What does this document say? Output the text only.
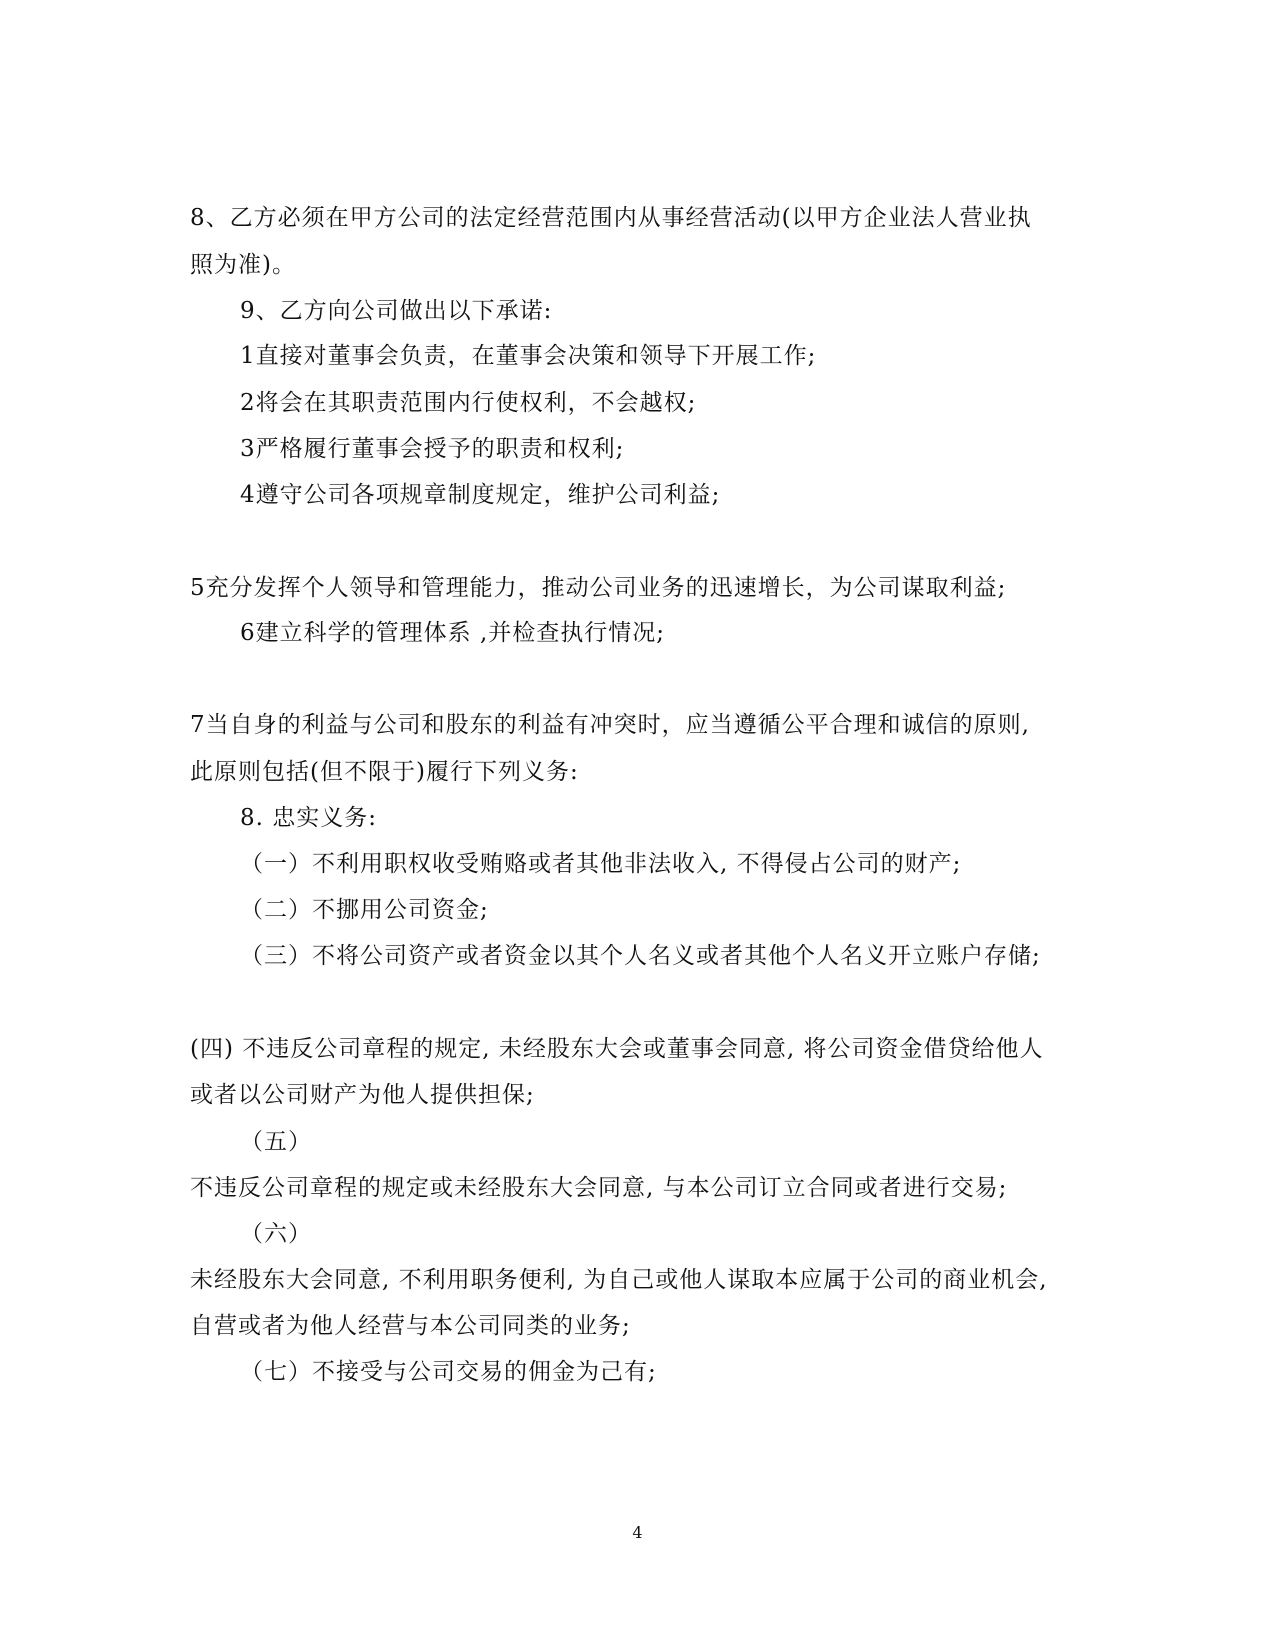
8、乙方必须在甲方公司的法定经营范围内从事经营活动(以甲方企业法人营业执
照为准)。
9、乙方向公司做出以下承诺:
1直接对董事会负责，在董事会决策和领导下开展工作;
2将会在其职责范围内行使权利，不会越权;
3严格履行董事会授予的职责和权利;
4遵守公司各项规章制度规定，维护公司利益;
5充分发挥个人领导和管理能力，推动公司业务的迅速增长，为公司谋取利益;
6建立科学的管理体系 ,并检查执行情况;
7当自身的利益与公司和股东的利益有冲突时，应当遵循公平合理和诚信的原则,
此原则包括(但不限于)履行下列义务:
8. 忠实义务:
（一）不利用职权收受贿赂或者其他非法收入, 不得侵占公司的财产;
（二）不挪用公司资金;
（三）不将公司资产或者资金以其个人名义或者其他个人名义开立账户存储;
(四) 不违反公司章程的规定, 未经股东大会或董事会同意, 将公司资金借贷给他人
或者以公司财产为他人提供担保;
（五）
不违反公司章程的规定或未经股东大会同意, 与本公司订立合同或者进行交易;
（六）
未经股东大会同意, 不利用职务便利, 为自己或他人谋取本应属于公司的商业机会,
自营或者为他人经营与本公司同类的业务;
（七）不接受与公司交易的佣金为己有;
4
